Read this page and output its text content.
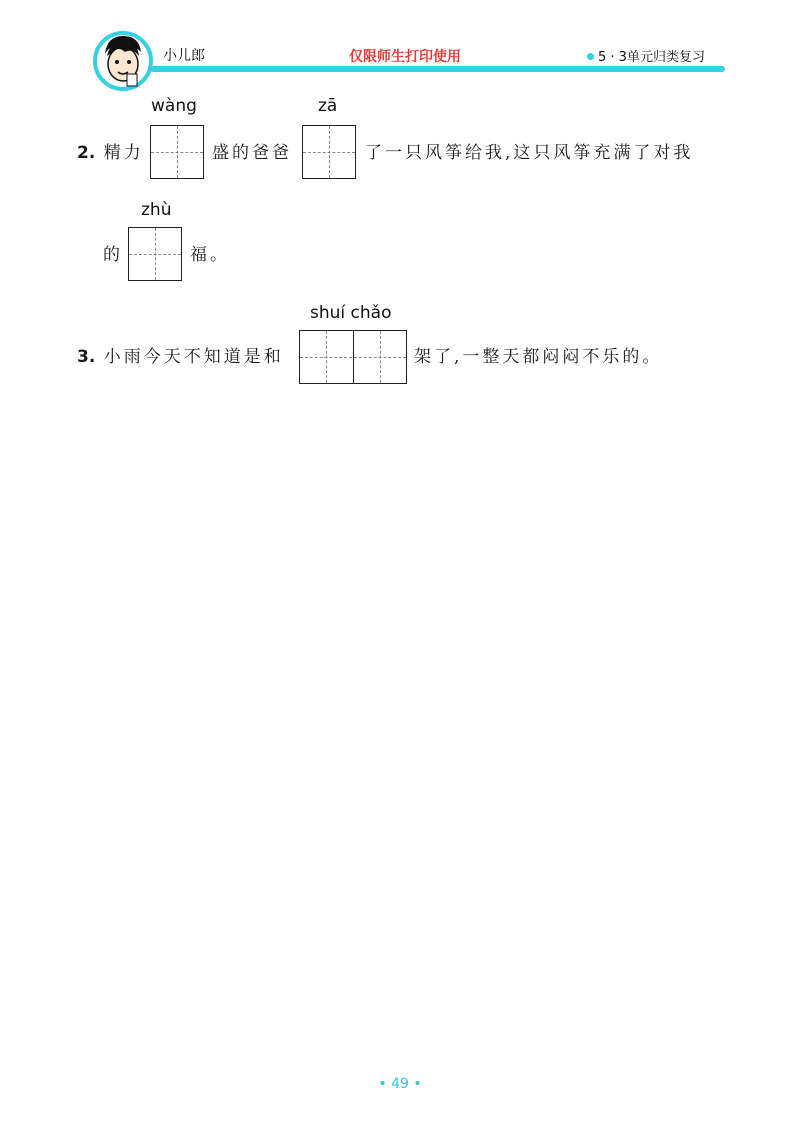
小儿郎	仅限师生打印使用	5 · 3单元归类复习
wàng	zā
2. 精力	盛的爸爸	了一只风筝给我,这只风筝充满了对我
zhù
的	福。
shuí chǎo
3. 小雨今天不知道是和	架了,一整天都闷闷不乐的。
• 49 •
